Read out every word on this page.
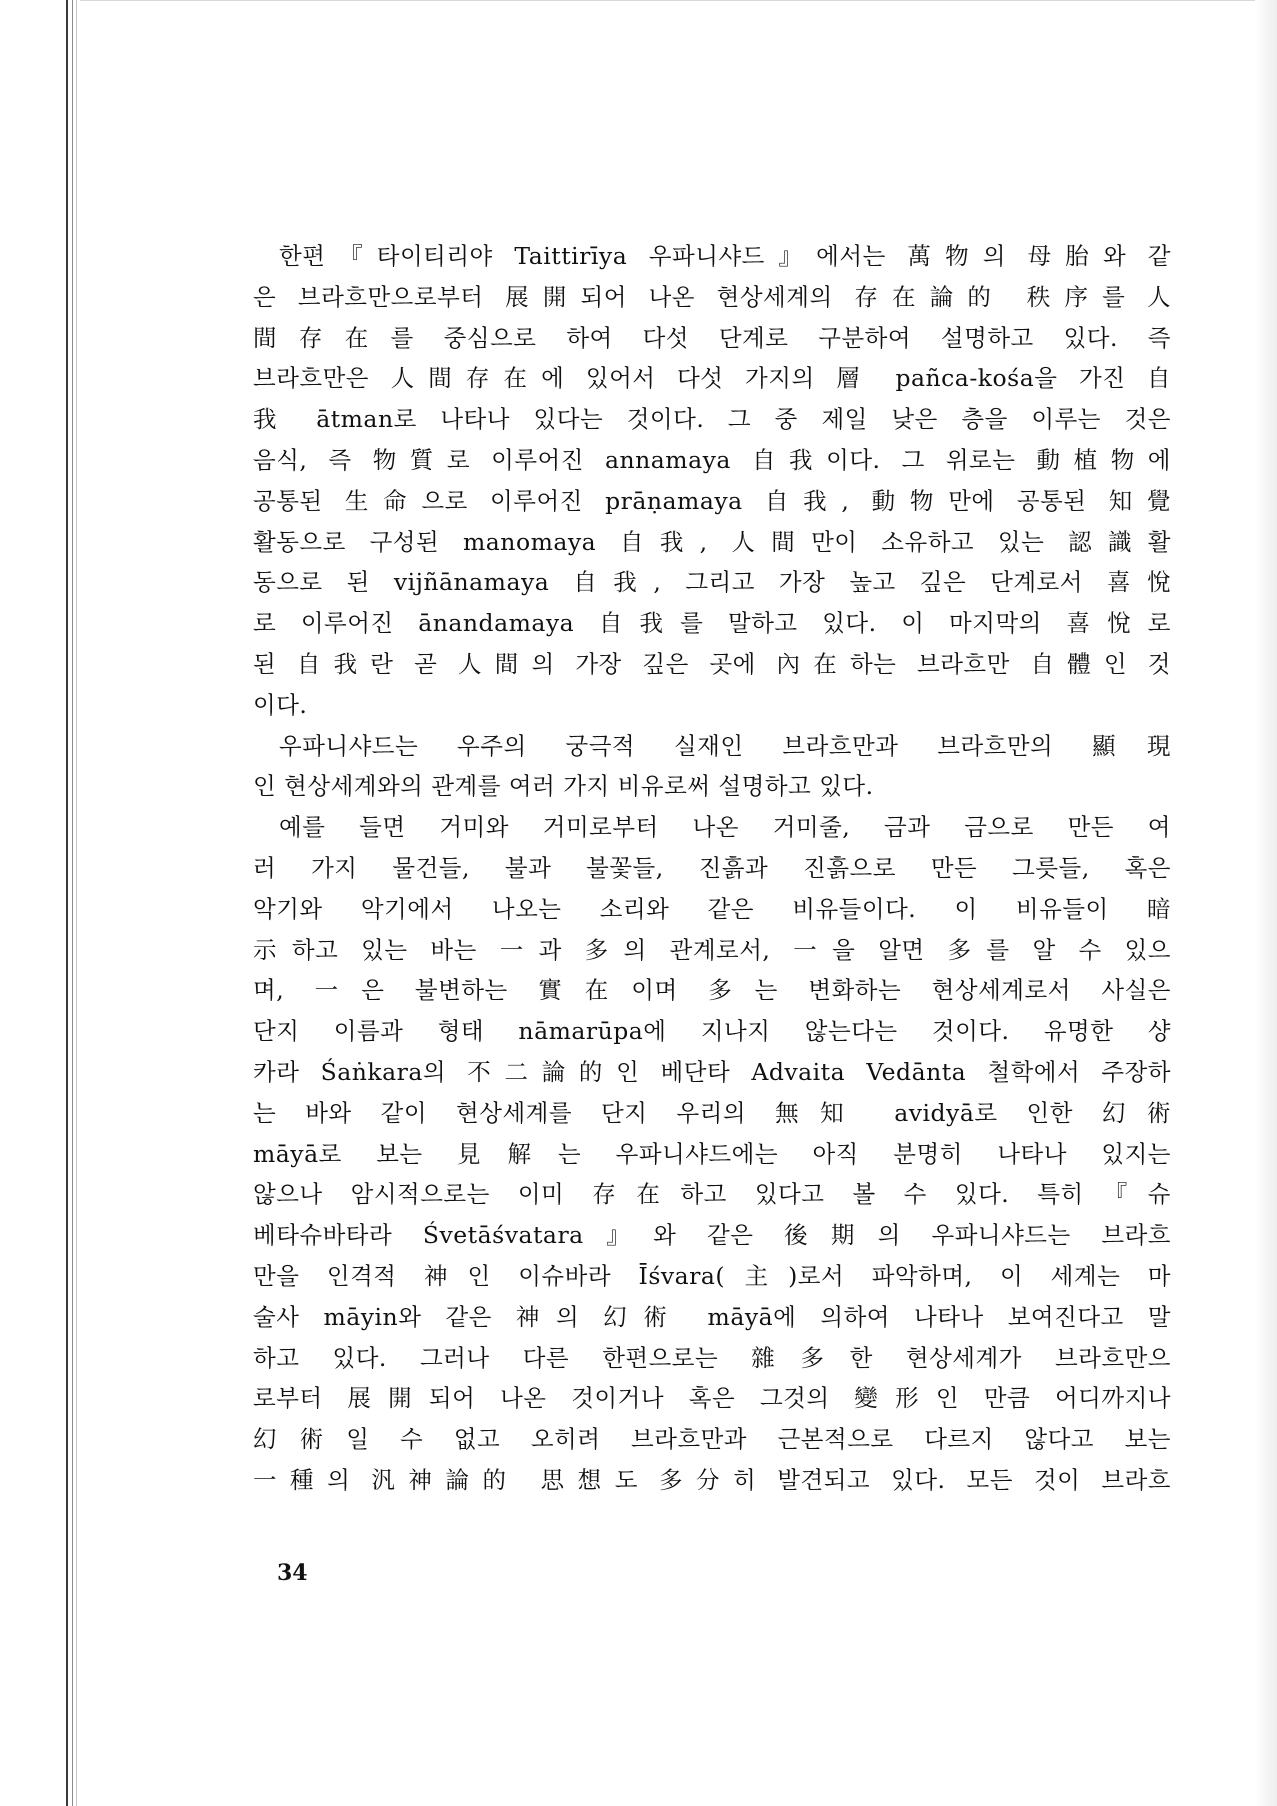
한편『타이티리야 Taittirīya 우파니샤드』에서는 萬物의 母胎와 같
은 브라흐만으로부터 展開되어 나온 현상세계의 存在論的 秩序를 人
間存在를 중심으로 하여 다섯 단계로 구분하여 설명하고 있다. 즉
브라흐만은 人間存在에 있어서 다섯 가지의 層 pañca-kośa을 가진 自
我 ātman로 나타나 있다는 것이다. 그 중 제일 낮은 층을 이루는 것은
음식, 즉 物質로 이루어진 annamaya 自我이다. 그 위로는 動植物에
공통된 生命으로 이루어진 prāṇamaya 自我, 動物만에 공통된 知覺
활동으로 구성된 manomaya 自我, 人間만이 소유하고 있는 認識활
동으로 된 vijñānamaya 自我, 그리고 가장 높고 깊은 단계로서 喜悅
로 이루어진 ānandamaya 自我를 말하고 있다. 이 마지막의 喜悅로
된 自我란 곧 人間의 가장 깊은 곳에 內在하는 브라흐만 自體인 것
이다.
우파니샤드는 우주의 궁극적 실재인 브라흐만과 브라흐만의 顯現
인 현상세계와의 관계를 여러 가지 비유로써 설명하고 있다.
예를 들면 거미와 거미로부터 나온 거미줄, 금과 금으로 만든 여
러 가지 물건들, 불과 불꽃들, 진흙과 진흙으로 만든 그릇들, 혹은
악기와 악기에서 나오는 소리와 같은 비유들이다. 이 비유들이 暗
示하고 있는 바는 一과 多의 관계로서, 一을 알면 多를 알 수 있으
며, 一은 불변하는 實在이며 多는 변화하는 현상세계로서 사실은
단지 이름과 형태 nāmarūpa에 지나지 않는다는 것이다. 유명한 샹
카라 Śaṅkara의 不二論的인 베단타 Advaita Vedānta 철학에서 주장하
는 바와 같이 현상세계를 단지 우리의 無知 avidyā로 인한 幻術
māyā로 보는 見解는 우파니샤드에는 아직 분명히 나타나 있지는
않으나 암시적으로는 이미 存在하고 있다고 볼 수 있다. 특히『슈
베타슈바타라 Śvetāśvatara』와 같은 後期의 우파니샤드는 브라흐
만을 인격적 神인 이슈바라 Īśvara(主)로서 파악하며, 이 세계는 마
술사 māyin와 같은 神의 幻術 māyā에 의하여 나타나 보여진다고 말
하고 있다. 그러나 다른 한편으로는 雜多한 현상세계가 브라흐만으
로부터 展開되어 나온 것이거나 혹은 그것의 變形인 만큼 어디까지나
幻術일 수 없고 오히려 브라흐만과 근본적으로 다르지 않다고 보는
一種의 汎神論的 思想도 多分히 발견되고 있다. 모든 것이 브라흐
34
